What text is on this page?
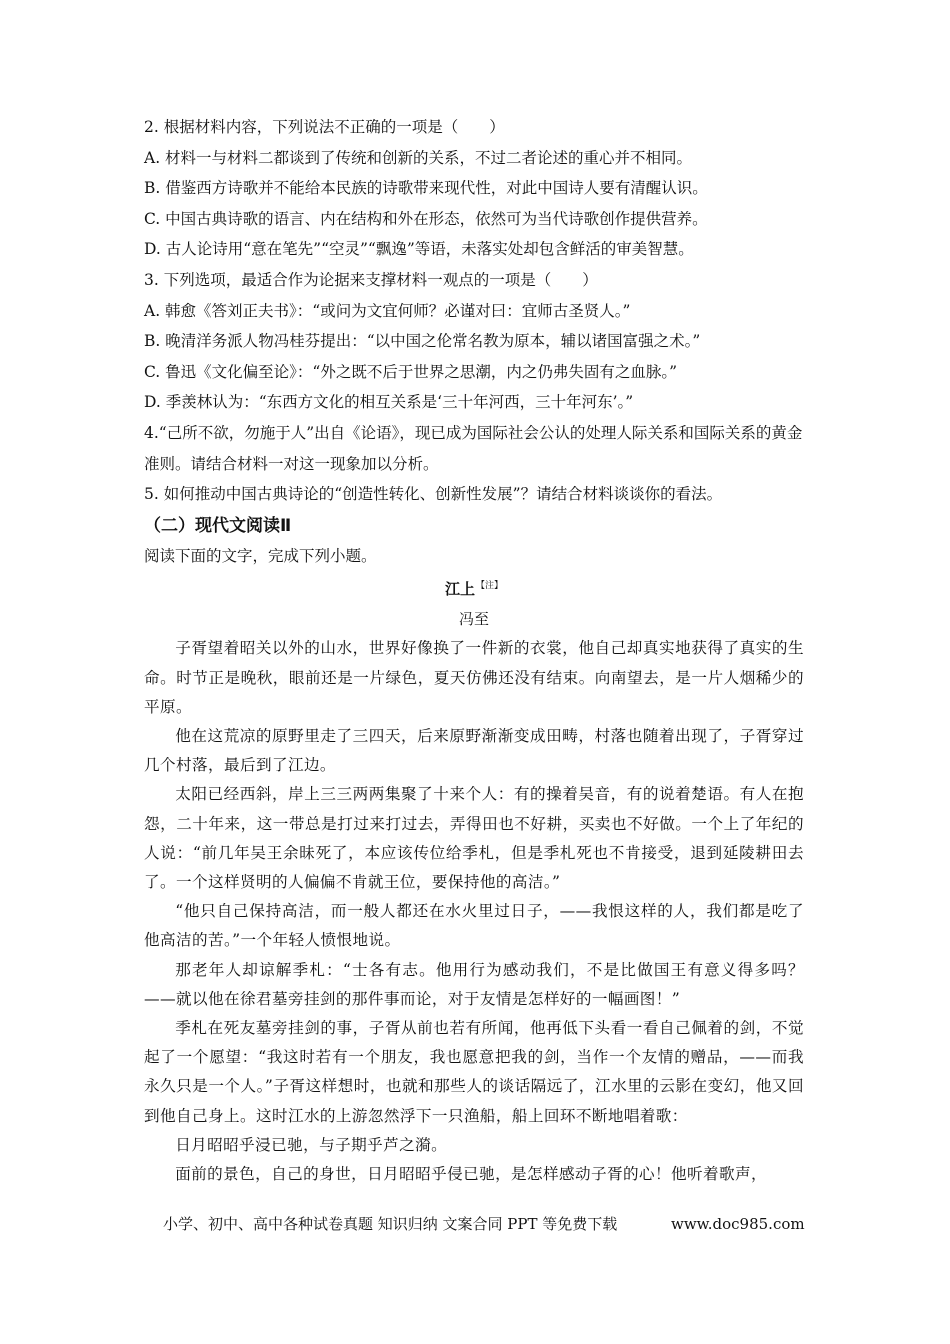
2. 根据材料内容，下列说法不正确的一项是（　　）
A. 材料一与材料二都谈到了传统和创新的关系，不过二者论述的重心并不相同。
B. 借鉴西方诗歌并不能给本民族的诗歌带来现代性，对此中国诗人要有清醒认识。
C. 中国古典诗歌的语言、内在结构和外在形态，依然可为当代诗歌创作提供营养。
D. 古人论诗用“意在笔先”“空灵”“飘逸”等语，未落实处却包含鲜活的审美智慧。
3. 下列选项，最适合作为论据来支撑材料一观点的一项是（　　）
A. 韩愈《答刘正夫书》：“或问为文宜何师？必谨对曰：宜师古圣贤人。”
B. 晚清洋务派人物冯桂芬提出：“以中国之伦常名教为原本，辅以诸国富强之术。”
C. 鲁迅《文化偏至论》：“外之既不后于世界之思潮，内之仍弗失固有之血脉。”
D. 季羡林认为：“东西方文化的相互关系是‘三十年河西，三十年河东’。”
4.“己所不欲，勿施于人”出自《论语》，现已成为国际社会公认的处理人际关系和国际关系的黄金准则。请结合材料一对这一现象加以分析。
5. 如何推动中国古典诗论的“创造性转化、创新性发展”？请结合材料谈谈你的看法。
（二）现代文阅读Ⅱ
阅读下面的文字，完成下列小题。
江上$^{【注】}$
冯至
子胥望着昭关以外的山水，世界好像换了一件新的衣裳，他自己却真实地获得了真实的生命。时节正是晚秋，眼前还是一片绿色，夏天仿佛还没有结束。向南望去，是一片人烟稀少的平原。
他在这荒凉的原野里走了三四天，后来原野渐渐变成田畴，村落也随着出现了，子胥穿过几个村落，最后到了江边。
太阳已经西斜，岸上三三两两集聚了十来个人：有的操着吴音，有的说着楚语。有人在抱怨，二十年来，这一带总是打过来打过去，弄得田也不好耕，买卖也不好做。一个上了年纪的人说：“前几年吴王余昧死了，本应该传位给季札，但是季札死也不肯接受，退到延陵耕田去了。一个这样贤明的人偏偏不肯就王位，要保持他的高洁。”
“他只自己保持高洁，而一般人都还在水火里过日子，——我恨这样的人，我们都是吃了他高洁的苦。”一个年轻人愤恨地说。
那老年人却谅解季札：“士各有志。他用行为感动我们，不是比做国王有意义得多吗？——就以他在徐君墓旁挂剑的那件事而论，对于友情是怎样好的一幅画图！”
季札在死友墓旁挂剑的事，子胥从前也若有所闻，他再低下头看一看自己佩着的剑，不觉起了一个愿望：“我这时若有一个朋友，我也愿意把我的剑，当作一个友情的赠品，——而我永久只是一个人。”子胥这样想时，也就和那些人的谈话隔远了，江水里的云影在变幻，他又回到他自己身上。这时江水的上游忽然浮下一只渔船，船上回环不断地唱着歌：
日月昭昭乎浸已驰，与子期乎芦之漪。
面前的景色，自己的身世，日月昭昭乎侵已驰，是怎样感动子胥的心！他听着歌声，
小学、初中、高中各种试卷真题 知识归纳 文案合同 PPT 等免费下载	www.doc985.com
